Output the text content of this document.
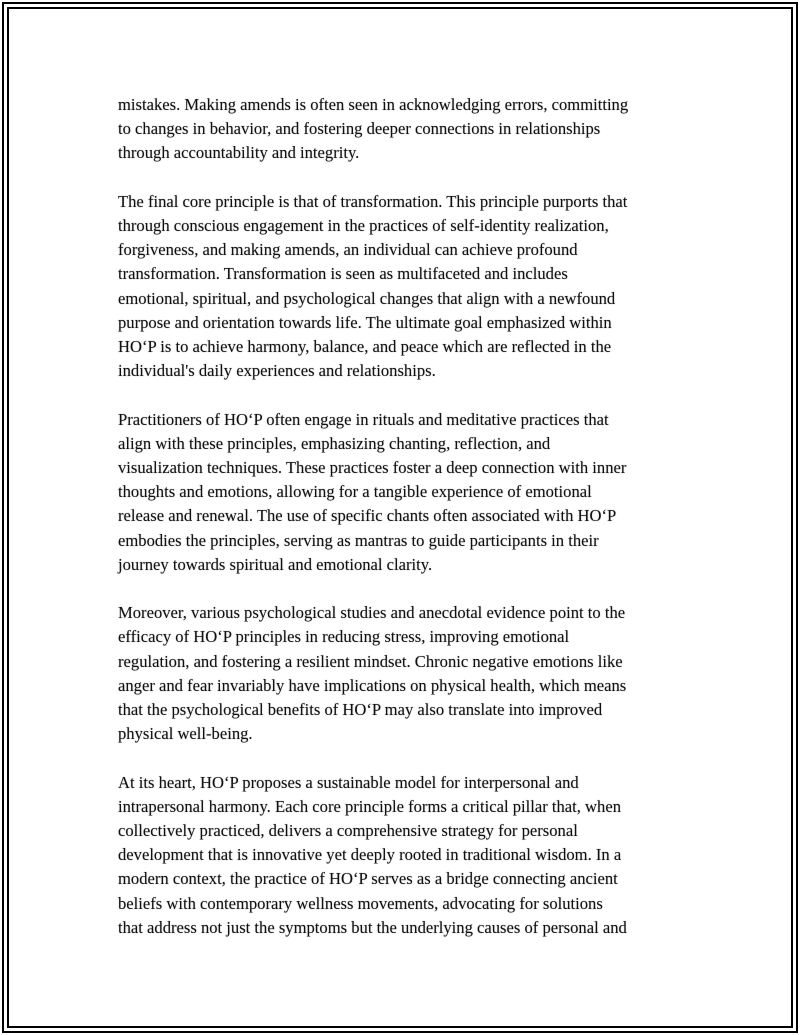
mistakes. Making amends is often seen in acknowledging errors, committing
to changes in behavior, and fostering deeper connections in relationships
through accountability and integrity.

The final core principle is that of transformation. This principle purports that
through conscious engagement in the practices of self-identity realization,
forgiveness, and making amends, an individual can achieve profound
transformation. Transformation is seen as multifaceted and includes
emotional, spiritual, and psychological changes that align with a newfound
purpose and orientation towards life. The ultimate goal emphasized within
HO‘P is to achieve harmony, balance, and peace which are reflected in the
individual's daily experiences and relationships.

Practitioners of HO‘P often engage in rituals and meditative practices that
align with these principles, emphasizing chanting, reflection, and
visualization techniques. These practices foster a deep connection with inner
thoughts and emotions, allowing for a tangible experience of emotional
release and renewal. The use of specific chants often associated with HO‘P
embodies the principles, serving as mantras to guide participants in their
journey towards spiritual and emotional clarity.

Moreover, various psychological studies and anecdotal evidence point to the
efficacy of HO‘P principles in reducing stress, improving emotional
regulation, and fostering a resilient mindset. Chronic negative emotions like
anger and fear invariably have implications on physical health, which means
that the psychological benefits of HO‘P may also translate into improved
physical well-being.

At its heart, HO‘P proposes a sustainable model for interpersonal and
intrapersonal harmony. Each core principle forms a critical pillar that, when
collectively practiced, delivers a comprehensive strategy for personal
development that is innovative yet deeply rooted in traditional wisdom. In a
modern context, the practice of HO‘P serves as a bridge connecting ancient
beliefs with contemporary wellness movements, advocating for solutions
that address not just the symptoms but the underlying causes of personal and
